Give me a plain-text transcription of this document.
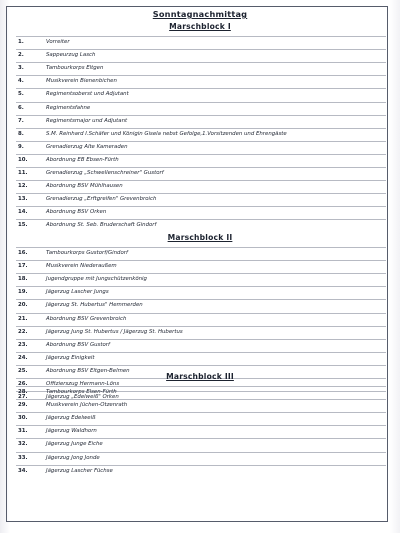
Sonntagnachmittag
Marschblock I
1.	Vorreiter
2.	Sappeurzug Lasch
3.	Tambourkorps Eltgen
4.	Musikverein Bienenbichen
5.	Regimentsoberst und Adjutant
6.	Regimentsfahne
7.	Regimentsmajor und Adjutant
8.	S.M. Reinhard I.Schäfer und Königin Gisela nebst Gefolge,1.Vorsitzenden und Ehrengäste
9.	Grenadierzug Alte Kameraden
10.	Abordnung EB Ebsen-Fürth
11.	Grenadierzug „Schwellenschreiner" Gustorf
12.	Abordnung BSV Mühlhausen
13.	Grenadierzug „Erftgreifen" Grevenbroich
14.	Abordnung BSV Orken
15.	Abordnung St. Seb. Bruderschaft Gindorf
Marschblock II
16.	Tambourkorps Gustorf/Gindorf
17.	Musikverein Niederaußem
18.	Jugendgruppe mit Jungschützenkönig
19.	Jägerzug Lascher Jungs
20.	Jägerzug St. Hubertus" Hemmerden
21.	Abordnung BSV Grevenbroich
22.	Jägerzug Jung St. Hubertus / Jägerzug St. Hubertus
23.	Abordnung BSV Gustorf
24.	Jägerzug Einigkeit
25.	Abordnung BSV Eltgen-Belmen
26.	Offizierszug Hermann-Löns
27.	Jägerzug „Edelweiß" Orken
Marschblock III
28.	Tambourkorps Elsen-Fürth
29.	Musikverein Jüchen-Otzenrath
30.	Jägerzug Edelweiß
31.	Jägerzug Waldhorn
32.	Jägerzug Junge Eiche
33.	Jägerzug Jong Jonde
34.	Jägerzug Lascher Füchse
